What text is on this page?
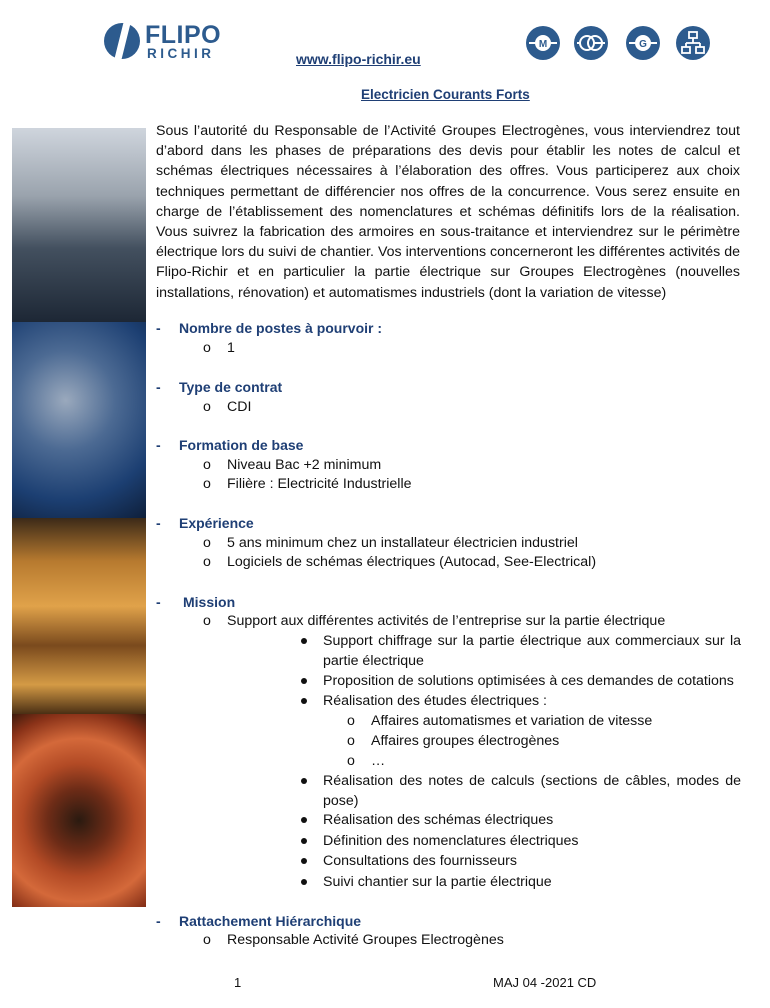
FLIPO
RICHIR	www.flipo-richir.eu
M	G
Electricien Courants Forts
Sous l’autorité du Responsable de l’Activité Groupes Electrogènes, vous interviendrez tout d’abord dans les phases de préparations des devis pour établir les notes de calcul et schémas électriques nécessaires à l’élaboration des offres. Vous participerez aux choix techniques permettant de différencier nos offres de la concurrence. Vous serez ensuite en charge de l’établissement des nomenclatures et schémas définitifs lors de la réalisation. Vous suivrez la fabrication des armoires en sous-traitance et interviendrez sur le périmètre électrique lors du suivi de chantier. Vos interventions concerneront les différentes activités de Flipo-Richir et en particulier la partie électrique sur Groupes Electrogènes (nouvelles installations, rénovation) et automatismes industriels (dont la variation de vitesse)
- Nombre de postes à pourvoir :
o 1
- Type de contrat
o CDI
- Formation de base
o Niveau Bac +2 minimum
o Filière : Electricité Industrielle
- Expérience
o 5 ans minimum chez un installateur électricien industriel
o Logiciels de schémas électriques (Autocad, See-Electrical)
- Mission
o Support aux différentes activités de l’entreprise sur la partie électrique
Support chiffrage sur la partie électrique aux commerciaux sur la partie électrique
Proposition de solutions optimisées à ces demandes de cotations
Réalisation des études électriques :
o Affaires automatismes et variation de vitesse
o Affaires groupes électrogènes
o …
Réalisation des notes de calculs (sections de câbles, modes de pose)
Réalisation des schémas électriques
Définition des nomenclatures électriques
Consultations des fournisseurs
Suivi chantier sur la partie électrique
- Rattachement Hiérarchique
o Responsable Activité Groupes Electrogènes
1	MAJ 04 -2021 CD
